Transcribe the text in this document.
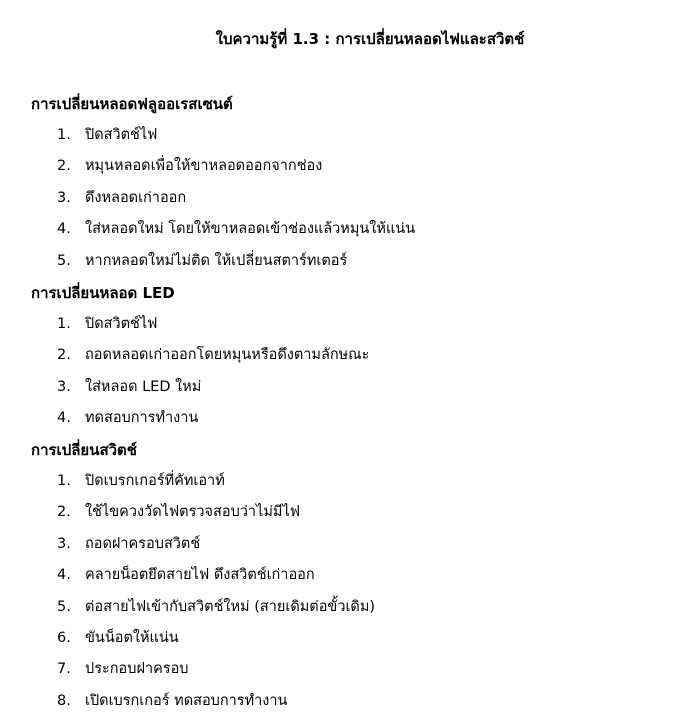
ใบความรู้ที่ 1.3 : การเปลี่ยนหลอดไฟและสวิตช์
การเปลี่ยนหลอดฟลูออเรสเซนต์
1. ปิดสวิตช์ไฟ
2. หมุนหลอดเพื่อให้ขาหลอดออกจากช่อง
3. ดึงหลอดเก่าออก
4. ใส่หลอดใหม่ โดยให้ขาหลอดเข้าช่องแล้วหมุนให้แน่น
5. หากหลอดใหม่ไม่ติด ให้เปลี่ยนสตาร์ทเตอร์
การเปลี่ยนหลอด LED
1. ปิดสวิตช์ไฟ
2. ถอดหลอดเก่าออกโดยหมุนหรือดึงตามลักษณะ
3. ใส่หลอด LED ใหม่
4. ทดสอบการทำงาน
การเปลี่ยนสวิตช์
1. ปิดเบรกเกอร์ที่คัทเอาท์
2. ใช้ไขควงวัดไฟตรวจสอบว่าไม่มีไฟ
3. ถอดฝาครอบสวิตช์
4. คลายน็อตยึดสายไฟ ดึงสวิตช์เก่าออก
5. ต่อสายไฟเข้ากับสวิตช์ใหม่ (สายเดิมต่อขั้วเดิม)
6. ขันน็อตให้แน่น
7. ประกอบฝาครอบ
8. เปิดเบรกเกอร์ ทดสอบการทำงาน
